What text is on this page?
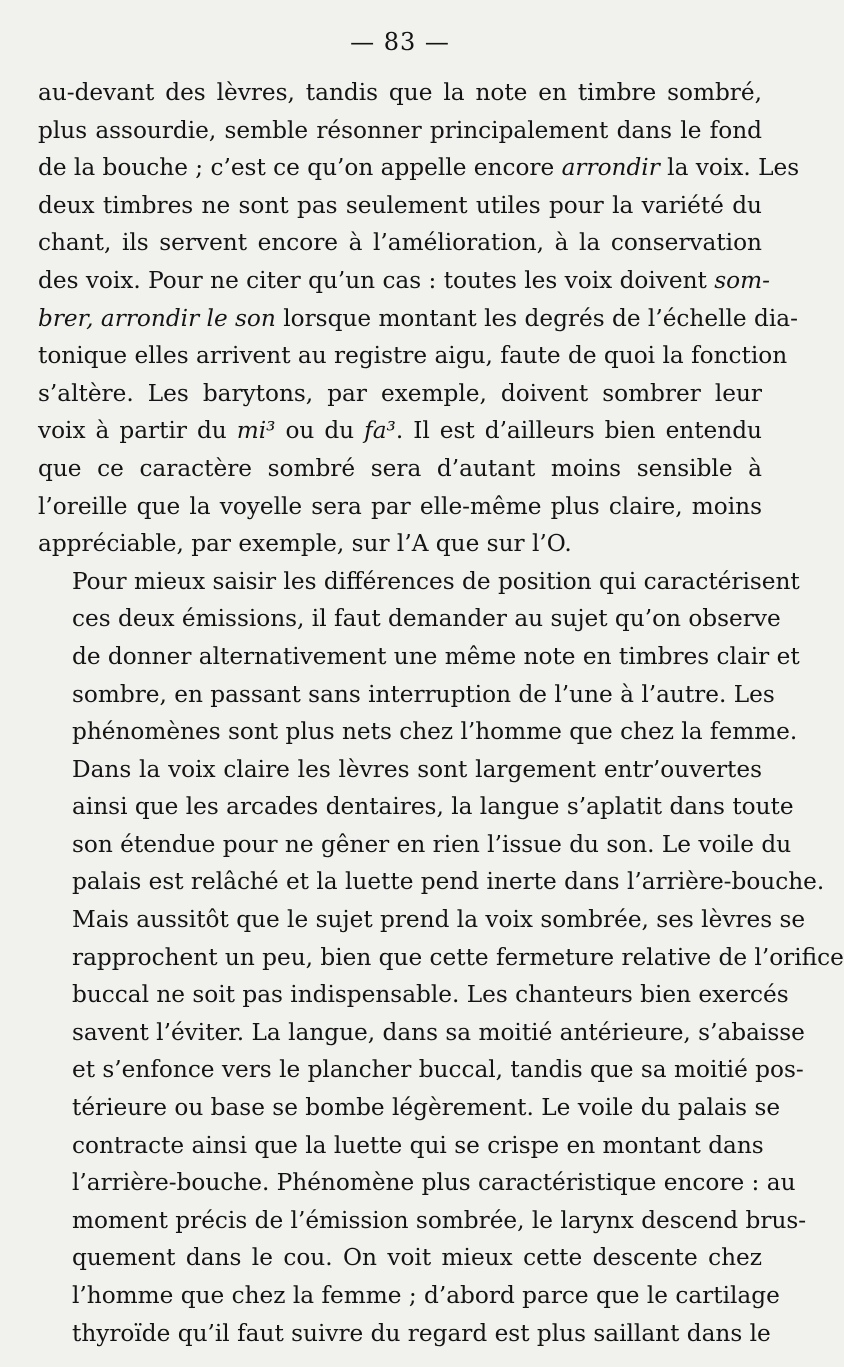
— 83 —

au-devant des lèvres, tandis que la note en timbre sombré,
plus assourdie, semble résonner principalement dans le fond
de la bouche ; c’est ce qu’on appelle encore arrondir la voix. Les
deux timbres ne sont pas seulement utiles pour la variété du
chant, ils servent encore à l’amélioration, à la conservation
des voix. Pour ne citer qu’un cas : toutes les voix doivent som-
brer, arrondir le son lorsque montant les degrés de l’échelle dia-
tonique elles arrivent au registre aigu, faute de quoi la fonction
s’altère. Les barytons, par exemple, doivent sombrer leur
voix à partir du mi³ ou du fa³. Il est d’ailleurs bien entendu
que ce caractère sombré sera d’autant moins sensible à
l’oreille que la voyelle sera par elle-même plus claire, moins
appréciable, par exemple, sur l’A que sur l’O.

Pour mieux saisir les différences de position qui caractérisent
ces deux émissions, il faut demander au sujet qu’on observe
de donner alternativement une même note en timbres clair et
sombre, en passant sans interruption de l’une à l’autre. Les
phénomènes sont plus nets chez l’homme que chez la femme.

Dans la voix claire les lèvres sont largement entr’ouvertes
ainsi que les arcades dentaires, la langue s’aplatit dans toute
son étendue pour ne gêner en rien l’issue du son. Le voile du
palais est relâché et la luette pend inerte dans l’arrière-bouche.
Mais aussitôt que le sujet prend la voix sombrée, ses lèvres se
rapprochent un peu, bien que cette fermeture relative de l’orifice
buccal ne soit pas indispensable. Les chanteurs bien exercés
savent l’éviter. La langue, dans sa moitié antérieure, s’abaisse
et s’enfonce vers le plancher buccal, tandis que sa moitié pos-
térieure ou base se bombe légèrement. Le voile du palais se
contracte ainsi que la luette qui se crispe en montant dans
l’arrière-bouche. Phénomène plus caractéristique encore : au
moment précis de l’émission sombrée, le larynx descend brus-
quement dans le cou. On voit mieux cette descente chez
l’homme que chez la femme ; d’abord parce que le cartilage
thyroïde qu’il faut suivre du regard est plus saillant dans le
